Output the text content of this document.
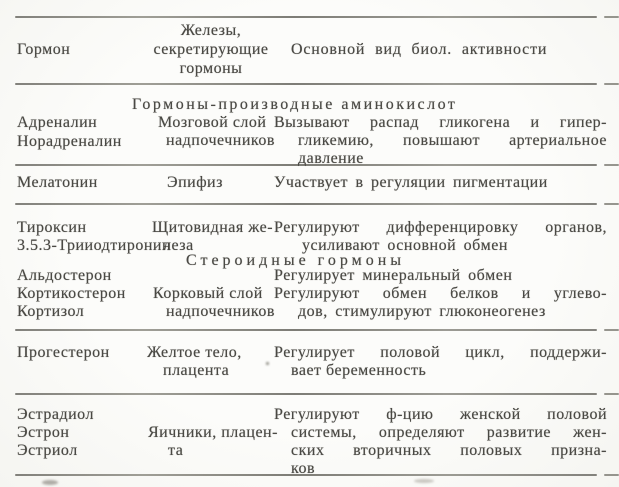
Гормон
Железы,
секретирующие
гормоны
Основной вид биол. активности
Гормоны-производные аминокислот
Адреналин
Норадреналин
Мозговой слой
надпочечников
Вызывают распад гликогена и гипер-
гликемию, повышают артериальное
давление
Мелатонин	Эпифиз	Участвует в регуляции пигментации
Тироксин
3.5.3-Трииодтиронин
Щитовидная же-
леза
Регулируют дифференцировку органов,
усиливают основной обмен
Стероидные гормоны
Альдостерон
Кортикостерон
Кортизол
Корковый слой
надпочечников
Регулирует минеральный обмен
Регулируют обмен белков и углево-
дов, стимулируют глюконеогенез
Прогестерон Желтое тело,
плацента
Регулирует половой цикл, поддержи-
вает беременность
Эстрадиол
Эстрон
Эстриол
Яичники, плацен-
та
Регулируют ф-цию женской половой
системы, определяют развитие жен-
ских вторичных половых призна-
ков
